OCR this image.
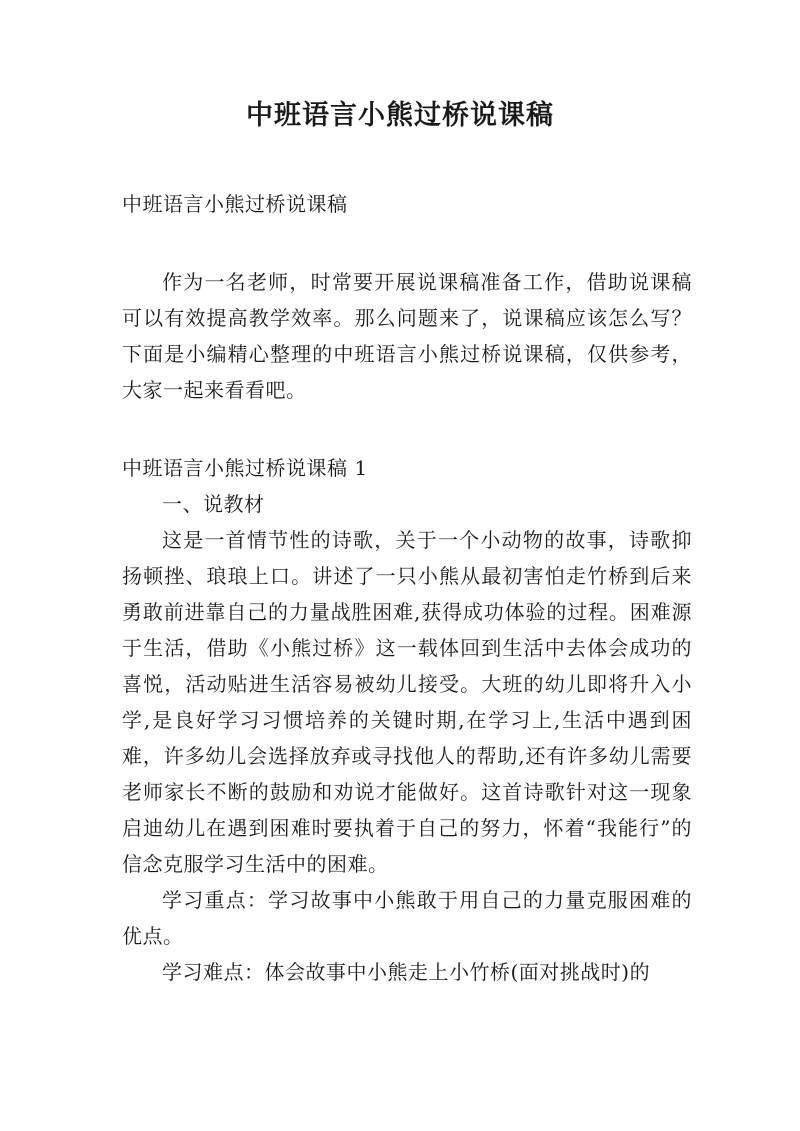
中班语言小熊过桥说课稿

中班语言小熊过桥说课稿

作为一名老师，时常要开展说课稿准备工作，借助说课稿可以有效提高教学效率。那么问题来了，说课稿应该怎么写？下面是小编精心整理的中班语言小熊过桥说课稿，仅供参考，大家一起来看看吧。

中班语言小熊过桥说课稿 1

一、说教材

这是一首情节性的诗歌，关于一个小动物的故事，诗歌抑扬顿挫、琅琅上口。讲述了一只小熊从最初害怕走竹桥到后来勇敢前进靠自己的力量战胜困难,获得成功体验的过程。困难源于生活，借助《小熊过桥》这一载体回到生活中去体会成功的喜悦，活动贴进生活容易被幼儿接受。大班的幼儿即将升入小学,是良好学习习惯培养的关键时期,在学习上,生活中遇到困难，许多幼儿会选择放弃或寻找他人的帮助,还有许多幼儿需要老师家长不断的鼓励和劝说才能做好。这首诗歌针对这一现象启迪幼儿在遇到困难时要执着于自己的努力，怀着“我能行”的信念克服学习生活中的困难。

学习重点：学习故事中小熊敢于用自己的力量克服困难的优点。

学习难点：体会故事中小熊走上小竹桥(面对挑战时)的
